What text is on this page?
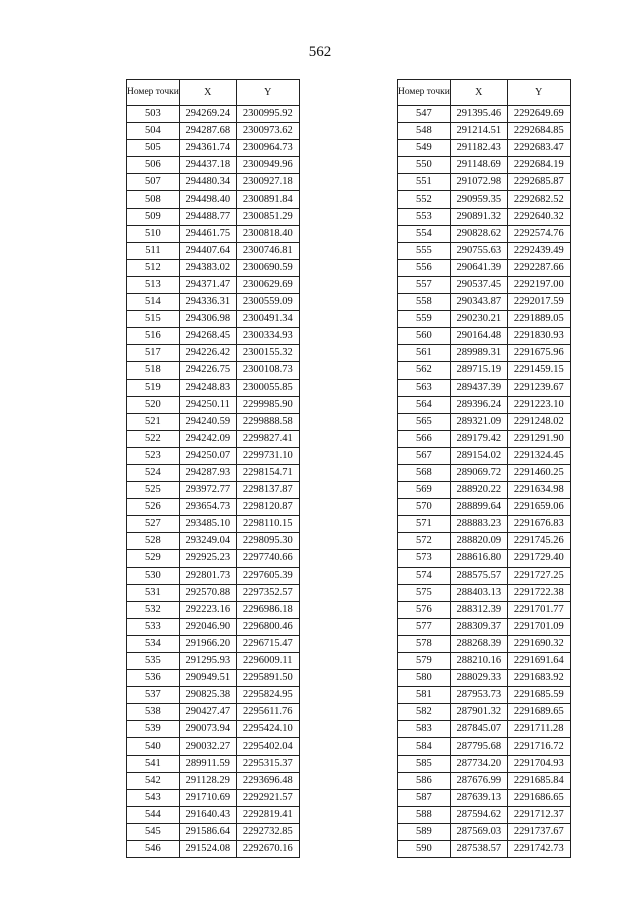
562
Номер точки	X	Y
503	294269.24	2300995.92
504	294287.68	2300973.62
505	294361.74	2300964.73
506	294437.18	2300949.96
507	294480.34	2300927.18
508	294498.40	2300891.84
509	294488.77	2300851.29
510	294461.75	2300818.40
511	294407.64	2300746.81
512	294383.02	2300690.59
513	294371.47	2300629.69
514	294336.31	2300559.09
515	294306.98	2300491.34
516	294268.45	2300334.93
517	294226.42	2300155.32
518	294226.75	2300108.73
519	294248.83	2300055.85
520	294250.11	2299985.90
521	294240.59	2299888.58
522	294242.09	2299827.41
523	294250.07	2299731.10
524	294287.93	2298154.71
525	293972.77	2298137.87
526	293654.73	2298120.87
527	293485.10	2298110.15
528	293249.04	2298095.30
529	292925.23	2297740.66
530	292801.73	2297605.39
531	292570.88	2297352.57
532	292223.16	2296986.18
533	292046.90	2296800.46
534	291966.20	2296715.47
535	291295.93	2296009.11
536	290949.51	2295891.50
537	290825.38	2295824.95
538	290427.47	2295611.76
539	290073.94	2295424.10
540	290032.27	2295402.04
541	289911.59	2295315.37
542	291128.29	2293696.48
543	291710.69	2292921.57
544	291640.43	2292819.41
545	291586.64	2292732.85
546	291524.08	2292670.16
Номер точки	X	Y
547	291395.46	2292649.69
548	291214.51	2292684.85
549	291182.43	2292683.47
550	291148.69	2292684.19
551	291072.98	2292685.87
552	290959.35	2292682.52
553	290891.32	2292640.32
554	290828.62	2292574.76
555	290755.63	2292439.49
556	290641.39	2292287.66
557	290537.45	2292197.00
558	290343.87	2292017.59
559	290230.21	2291889.05
560	290164.48	2291830.93
561	289989.31	2291675.96
562	289715.19	2291459.15
563	289437.39	2291239.67
564	289396.24	2291223.10
565	289321.09	2291248.02
566	289179.42	2291291.90
567	289154.02	2291324.45
568	289069.72	2291460.25
569	288920.22	2291634.98
570	288899.64	2291659.06
571	288883.23	2291676.83
572	288820.09	2291745.26
573	288616.80	2291729.40
574	288575.57	2291727.25
575	288403.13	2291722.38
576	288312.39	2291701.77
577	288309.37	2291701.09
578	288268.39	2291690.32
579	288210.16	2291691.64
580	288029.33	2291683.92
581	287953.73	2291685.59
582	287901.32	2291689.65
583	287845.07	2291711.28
584	287795.68	2291716.72
585	287734.20	2291704.93
586	287676.99	2291685.84
587	287639.13	2291686.65
588	287594.62	2291712.37
589	287569.03	2291737.67
590	287538.57	2291742.73
